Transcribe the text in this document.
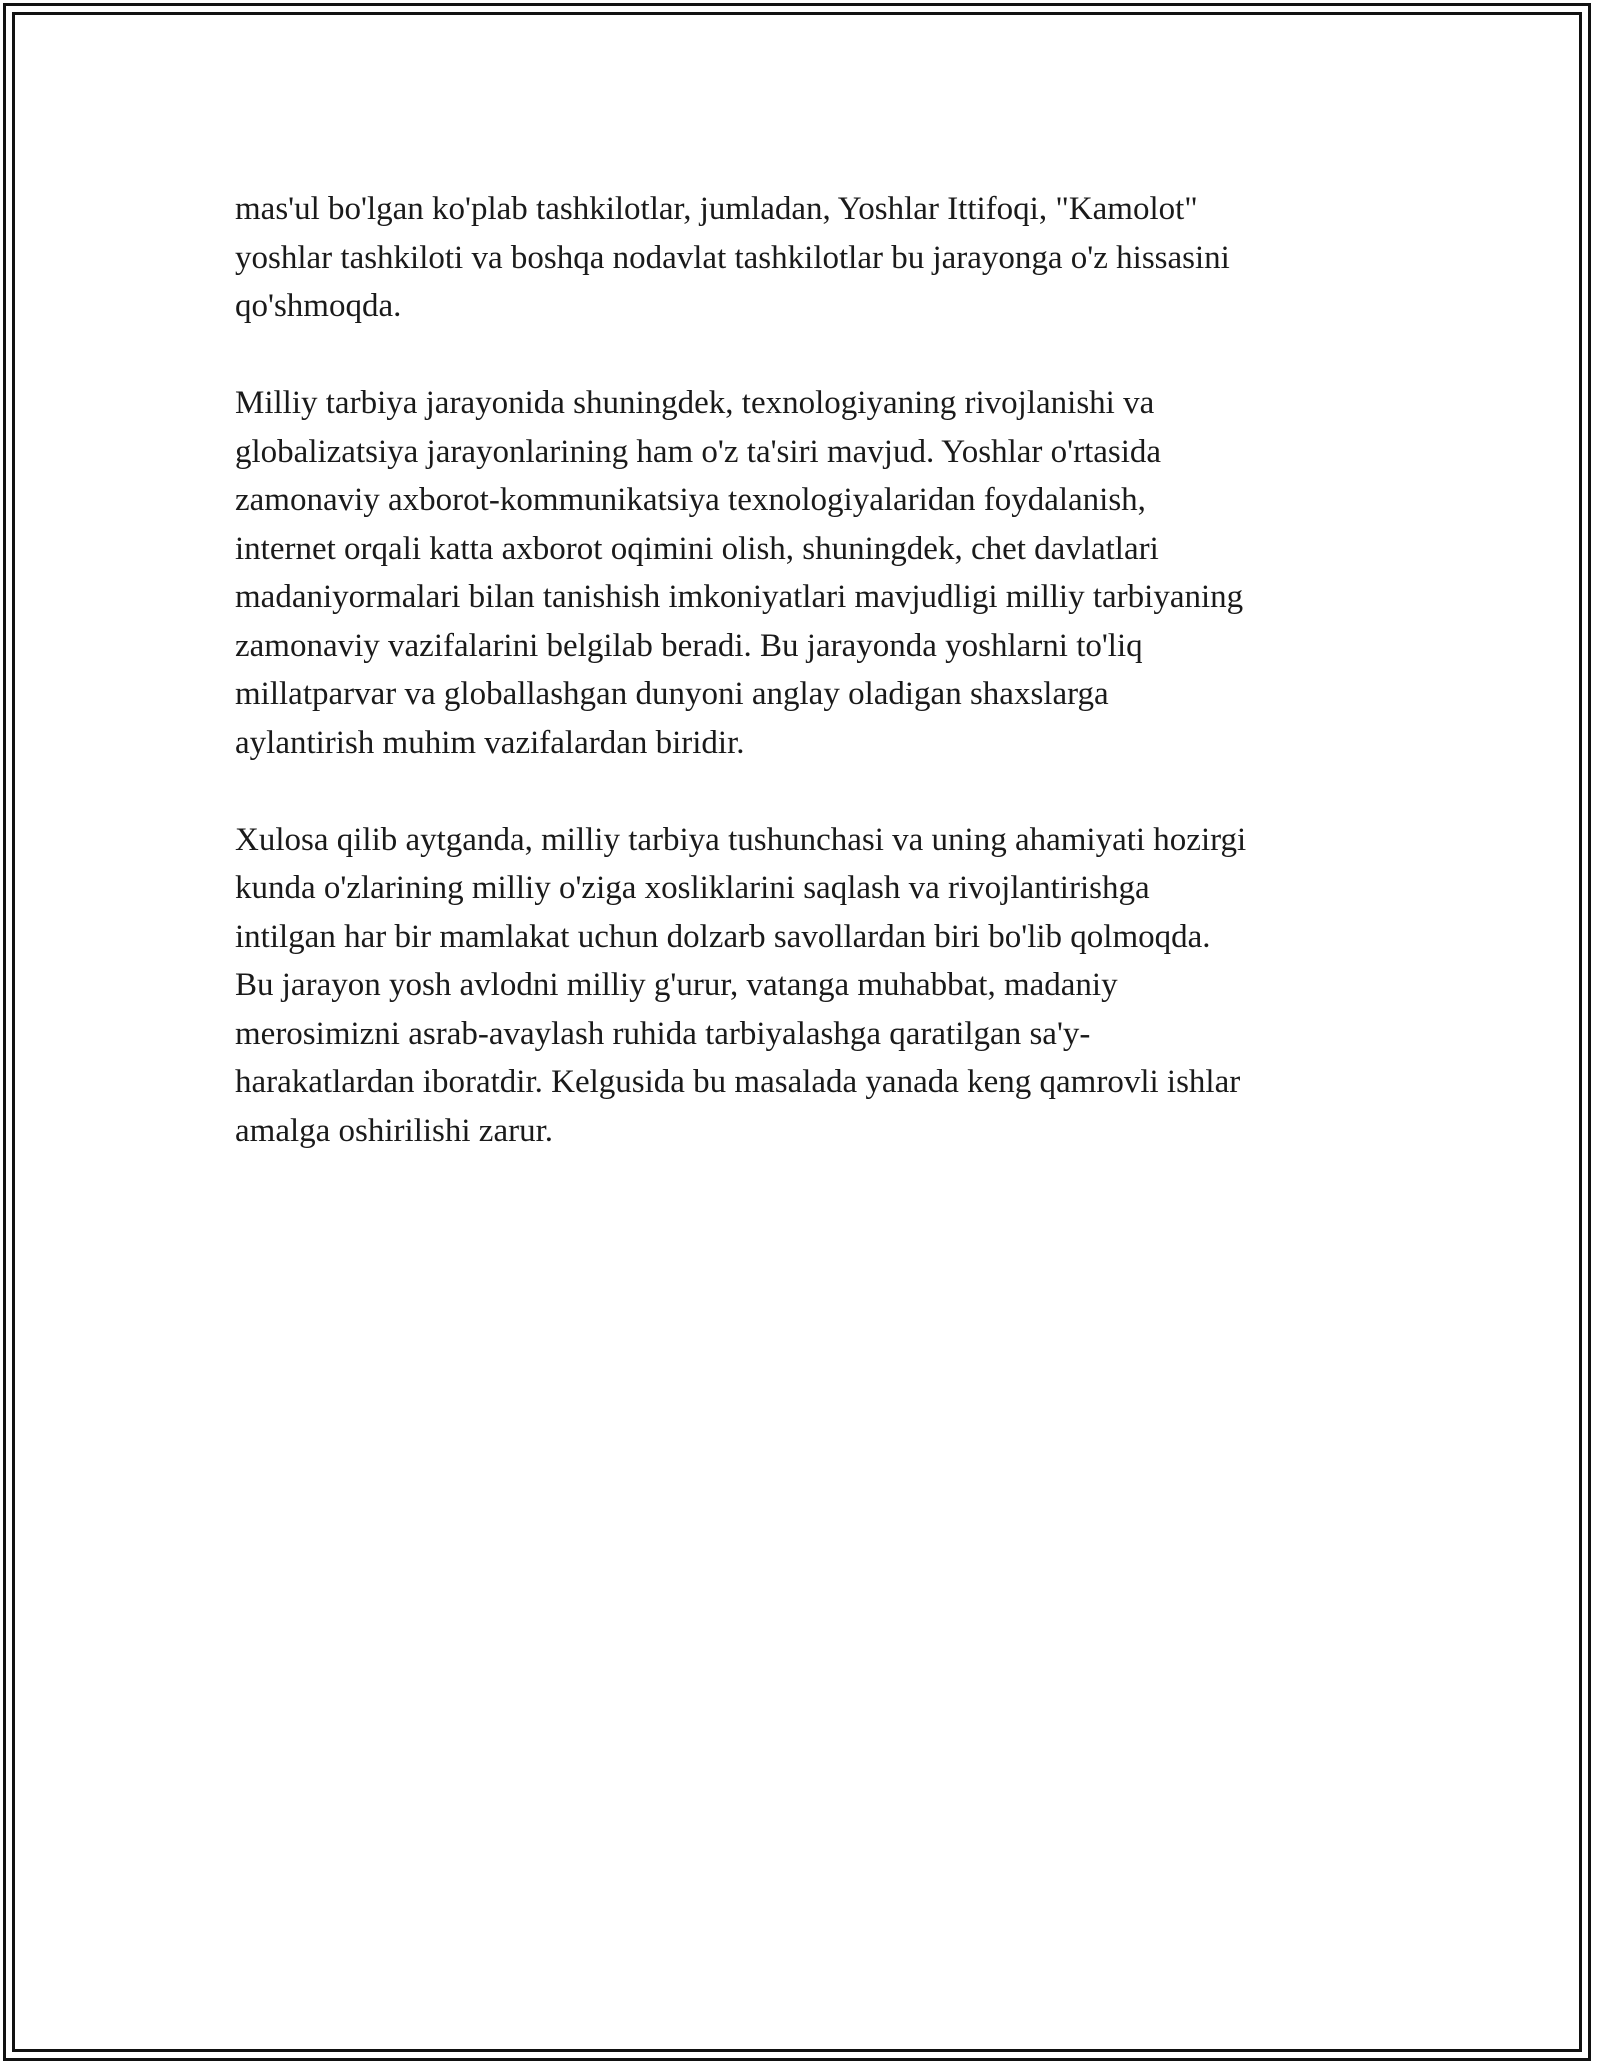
mas'ul bo'lgan ko'plab tashkilotlar, jumladan, Yoshlar Ittifoqi, "Kamolot"
yoshlar tashkiloti va boshqa nodavlat tashkilotlar bu jarayonga o'z hissasini
qo'shmoqda.

Milliy tarbiya jarayonida shuningdek, texnologiyaning rivojlanishi va
globalizatsiya jarayonlarining ham o'z ta'siri mavjud. Yoshlar o'rtasida
zamonaviy axborot-kommunikatsiya texnologiyalaridan foydalanish,
internet orqali katta axborot oqimini olish, shuningdek, chet davlatlari
madaniyormalari bilan tanishish imkoniyatlari mavjudligi milliy tarbiyaning
zamonaviy vazifalarini belgilab beradi. Bu jarayonda yoshlarni to'liq
millatparvar va globallashgan dunyoni anglay oladigan shaxslarga
aylantirish muhim vazifalardan biridir.

Xulosa qilib aytganda, milliy tarbiya tushunchasi va uning ahamiyati hozirgi
kunda o'zlarining milliy o'ziga xosliklarini saqlash va rivojlantirishga
intilgan har bir mamlakat uchun dolzarb savollardan biri bo'lib qolmoqda.
Bu jarayon yosh avlodni milliy g'urur, vatanga muhabbat, madaniy
merosimizni asrab-avaylash ruhida tarbiyalashga qaratilgan sa'y-
harakatlardan iboratdir. Kelgusida bu masalada yanada keng qamrovli ishlar
amalga oshirilishi zarur.
